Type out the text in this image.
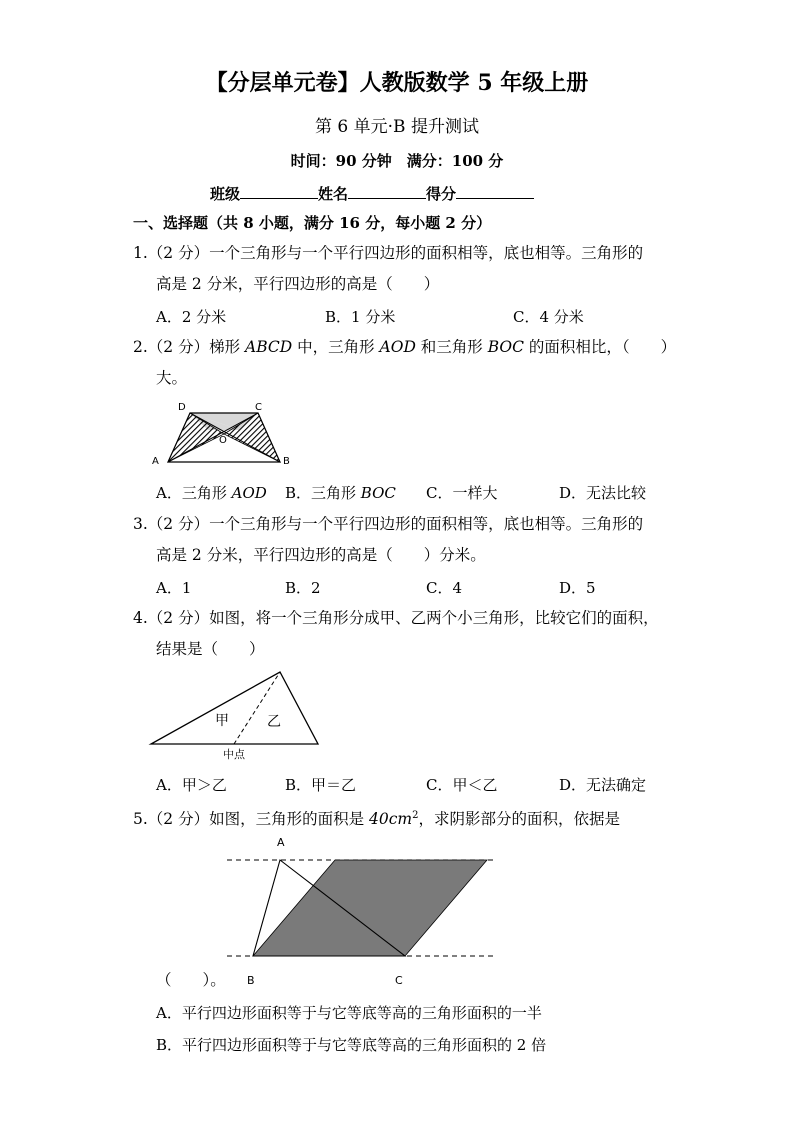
【分层单元卷】人教版数学 5 年级上册
第 6 单元·B 提升测试
时间：90 分钟　满分：100 分
班级	姓名	得分
一、选择题（共 8 小题，满分 16 分，每小题 2 分）
1.（2 分）一个三角形与一个平行四边形的面积相等，底也相等。三角形的
高是 2 分米，平行四边形的高是（　　）
A．2 分米	B．1 分米	C．4 分米
2.（2 分）梯形 ABCD 中，三角形 AOD 和三角形 BOC 的面积相比，（　　）
大。
D	C
O
A	B
A．三角形 AOD B．三角形 BOC C．一样大	D．无法比较
3.（2 分）一个三角形与一个平行四边形的面积相等，底也相等。三角形的
高是 2 分米，平行四边形的高是（　　）分米。
A．1	B．2	C．4	D．5
4.（2 分）如图，将一个三角形分成甲、乙两个小三角形，比较它们的面积，
结果是（　　）
甲	乙
中点
A．甲＞乙	B．甲＝乙	C．甲＜乙	D．无法确定
5.（2 分）如图，三角形的面积是 $40cm^2$，求阴影部分的面积，依据是
A
B	C
（　　）。
A．平行四边形面积等于与它等底等高的三角形面积的一半
B．平行四边形面积等于与它等底等高的三角形面积的 2 倍
